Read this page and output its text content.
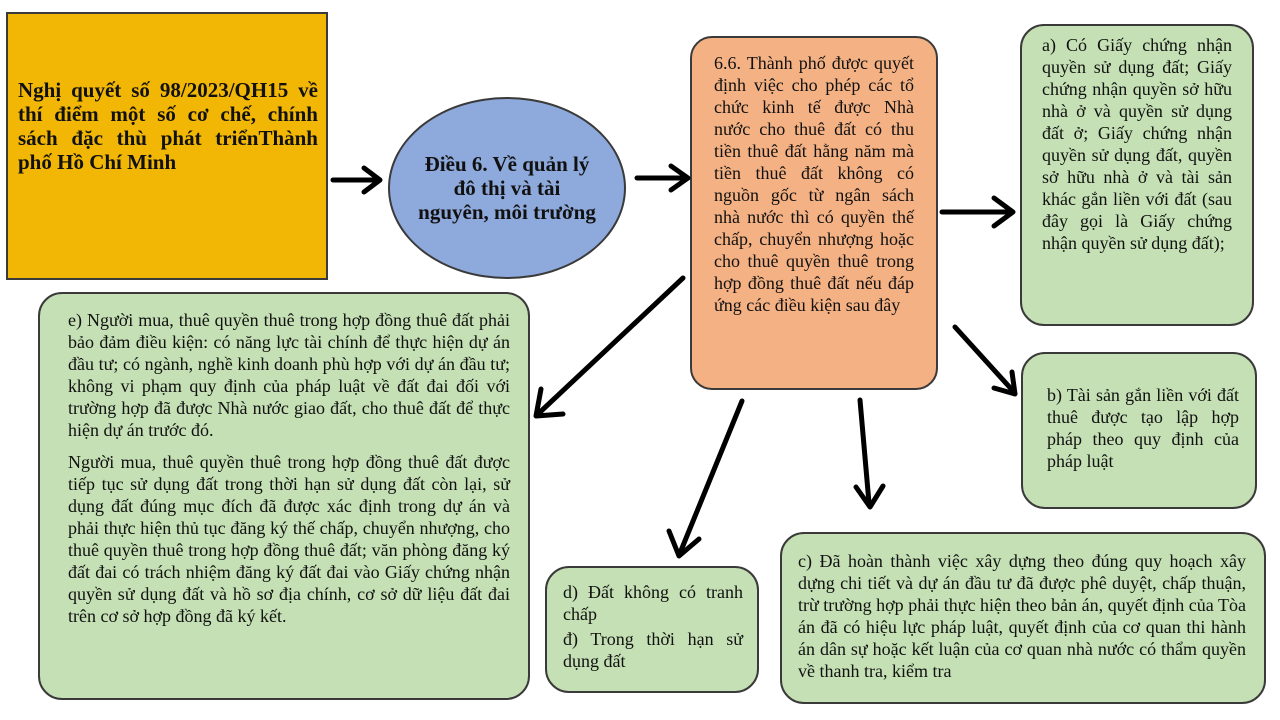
Nghị quyết số 98/2023/QH15 về thí điểm một số cơ chế, chính sách đặc thù phát triểnThành phố Hồ Chí Minh	Điều 6. Về quản lý đô thị và tài nguyên, môi trường
6.6. Thành phố được quyết định việc cho phép các tổ chức kinh tế được Nhà nước cho thuê đất có thu tiền thuê đất hằng năm mà tiền thuê đất không có nguồn gốc từ ngân sách nhà nước thì có quyền thế chấp, chuyển nhượng hoặc cho thuê quyền thuê trong hợp đồng thuê đất nếu đáp ứng các điều kiện sau đây
a) Có Giấy chứng nhận quyền sử dụng đất; Giấy chứng nhận quyền sở hữu nhà ở và quyền sử dụng đất ở; Giấy chứng nhận quyền sử dụng đất, quyền sở hữu nhà ở và tài sản khác gắn liền với đất (sau đây gọi là Giấy chứng nhận quyền sử dụng đất);
b) Tài sản gắn liền với đất thuê được tạo lập hợp pháp theo quy định của pháp luật
c) Đã hoàn thành việc xây dựng theo đúng quy hoạch xây dựng chi tiết và dự án đầu tư đã được phê duyệt, chấp thuận, trừ trường hợp phải thực hiện theo bản án, quyết định của Tòa án đã có hiệu lực pháp luật, quyết định của cơ quan thi hành án dân sự hoặc kết luận của cơ quan nhà nước có thẩm quyền về thanh tra, kiểm tra

d) Đất không có tranh chấp

đ) Trong thời hạn sử dụng đất

e) Người mua, thuê quyền thuê trong hợp đồng thuê đất phải bảo đảm điều kiện: có năng lực tài chính để thực hiện dự án đầu tư; có ngành, nghề kinh doanh phù hợp với dự án đầu tư; không vi phạm quy định của pháp luật về đất đai đối với trường hợp đã được Nhà nước giao đất, cho thuê đất để thực hiện dự án trước đó.

Người mua, thuê quyền thuê trong hợp đồng thuê đất được tiếp tục sử dụng đất trong thời hạn sử dụng đất còn lại, sử dụng đất đúng mục đích đã được xác định trong dự án và phải thực hiện thủ tục đăng ký thế chấp, chuyển nhượng, cho thuê quyền thuê trong hợp đồng thuê đất; văn phòng đăng ký đất đai có trách nhiệm đăng ký đất đai vào Giấy chứng nhận quyền sử dụng đất và hồ sơ địa chính, cơ sở dữ liệu đất đai trên cơ sở hợp đồng đã ký kết.
